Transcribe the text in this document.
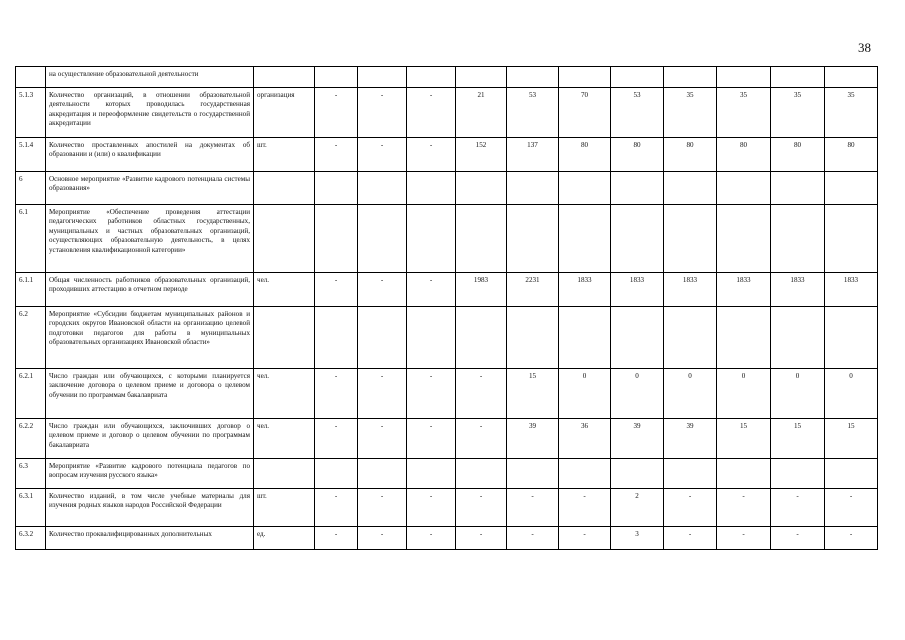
38
	на осуществление образовательной деятельности												
5.1.3	Количество организаций, в отношении образовательной деятельности которых проводилась государственная аккредитация и переоформление свидетельств о государственной аккредитации	организация	-	-	-	21	53	70	53	35	35	35	35
5.1.4	Количество проставленных апостилей на документах об образовании и (или) о квалификации	шт.	-	-	-	152	137	80	80	80	80	80	80
6	Основное мероприятие «Развитие кадрового потенциала системы образования»												
6.1	Мероприятие «Обеспечение проведения аттестации педагогических работников областных государственных, муниципальных и частных образовательных организаций, осуществляющих образовательную деятельность, в целях установления квалификационной категории»												
6.1.1	Общая численность работников образовательных организаций, проходивших аттестацию в отчетном периоде	чел.	-	-	-	1983	2231	1833	1833	1833	1833	1833	1833
6.2	Мероприятие «Субсидии бюджетам муниципальных районов и городских округов Ивановской области на организацию целевой подготовки педагогов для работы в муниципальных образовательных организациях Ивановской области»												
6.2.1	Число граждан или обучающихся, с которыми планируется заключение договора о целевом приеме и договора о целевом обучении по программам бакалавриата	чел.	-	-	-	-	15	0	0	0	0	0	0
6.2.2	Число граждан или обучающихся, заключивших договор о целевом приеме и договор о целевом обучении по программам бакалавриата	чел.	-	-	-	-	39	36	39	39	15	15	15
6.3	Мероприятие «Развитие кадрового потенциала педагогов по вопросам изучения русского языка»												
6.3.1	Количество изданий, в том числе учебные материалы для изучения родных языков народов Российской Федерации	шт.	-	-	-	-	-	-	2	-	-	-	-
6.3.2	Количество проквалифицированных дополнительных	ед.	-	-	-	-	-	-	3	-	-	-	-
